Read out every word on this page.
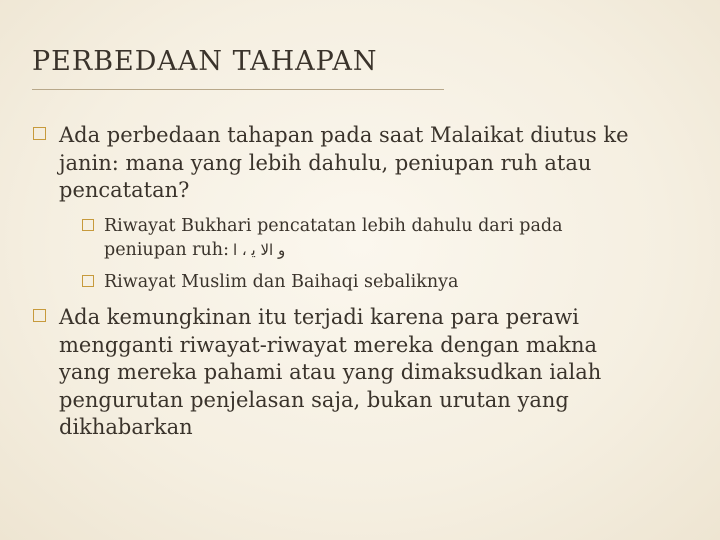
PERBEDAAN TAHAPAN
Ada perbedaan tahapan pada saat Malaikat diutus ke
janin: mana yang lebih dahulu, peniupan ruh atau
pencatatan?
Riwayat Bukhari pencatatan lebih dahulu dari pada
peniupan ruh: ﻭ ﺍﻻ ﻳ ، ﺍ
Riwayat Muslim dan Baihaqi sebaliknya
Ada kemungkinan itu terjadi karena para perawi
mengganti riwayat-riwayat mereka dengan makna
yang mereka pahami atau yang dimaksudkan ialah
pengurutan penjelasan saja, bukan urutan yang
dikhabarkan
